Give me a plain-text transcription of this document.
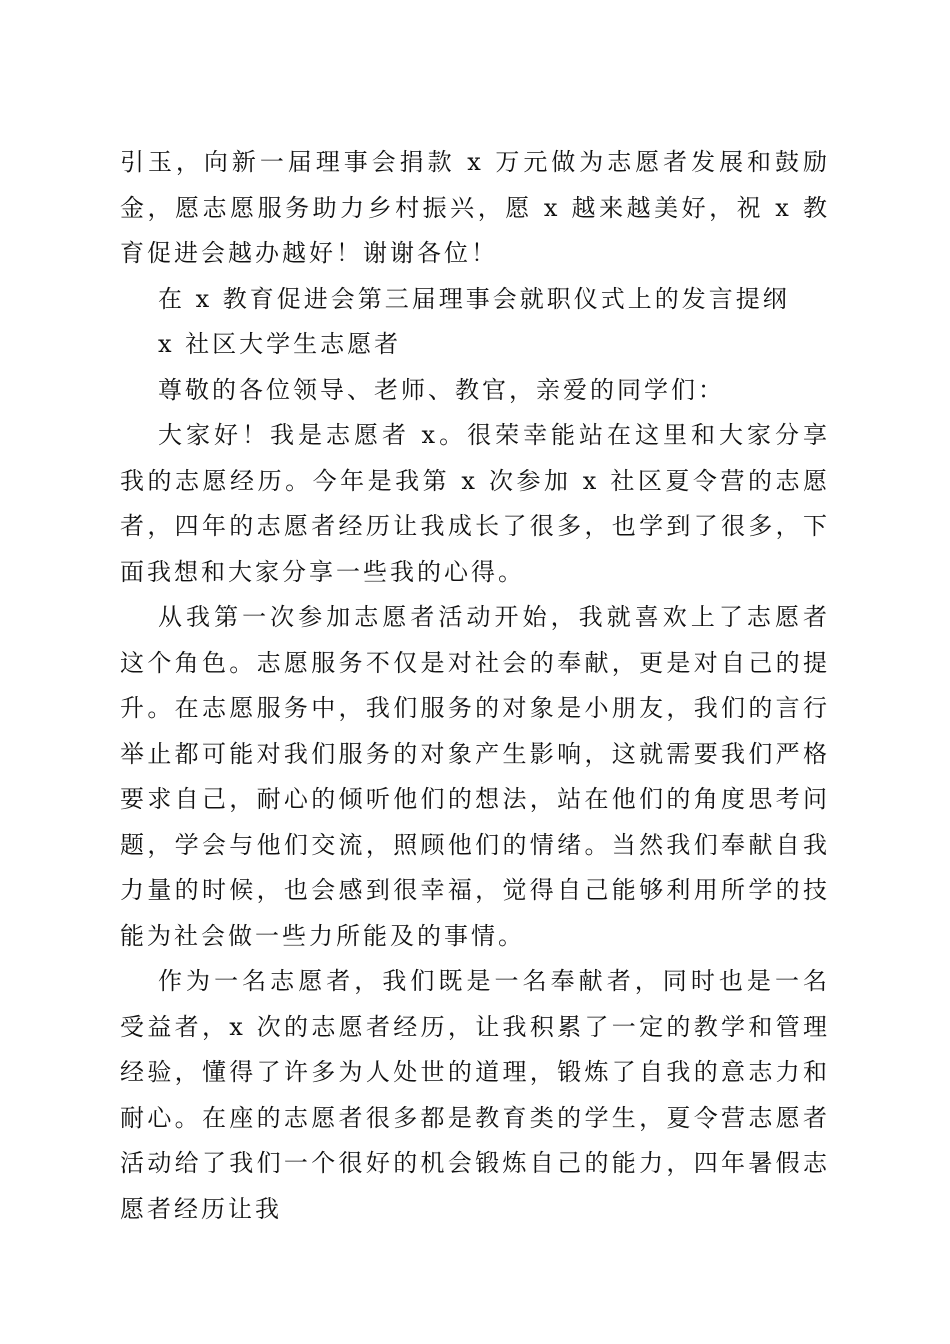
引玉，向新一届理事会捐款 x 万元做为志愿者发展和鼓励金，愿志愿服务助力乡村振兴，愿 x 越来越美好，祝 x 教育促进会越办越好！谢谢各位！

在 x 教育促进会第三届理事会就职仪式上的发言提纲

x 社区大学生志愿者

尊敬的各位领导、老师、教官，亲爱的同学们：

大家好！我是志愿者 x。很荣幸能站在这里和大家分享我的志愿经历。今年是我第 x 次参加 x 社区夏令营的志愿者，四年的志愿者经历让我成长了很多，也学到了很多，下面我想和大家分享一些我的心得。

从我第一次参加志愿者活动开始，我就喜欢上了志愿者这个角色。志愿服务不仅是对社会的奉献，更是对自己的提升。在志愿服务中，我们服务的对象是小朋友，我们的言行举止都可能对我们服务的对象产生影响，这就需要我们严格要求自己，耐心的倾听他们的想法，站在他们的角度思考问题，学会与他们交流，照顾他们的情绪。当然我们奉献自我力量的时候，也会感到很幸福，觉得自己能够利用所学的技能为社会做一些力所能及的事情。

作为一名志愿者，我们既是一名奉献者，同时也是一名受益者，x 次的志愿者经历，让我积累了一定的教学和管理经验，懂得了许多为人处世的道理，锻炼了自我的意志力和耐心。在座的志愿者很多都是教育类的学生，夏令营志愿者活动给了我们一个很好的机会锻炼自己的能力，四年暑假志愿者经历让我
